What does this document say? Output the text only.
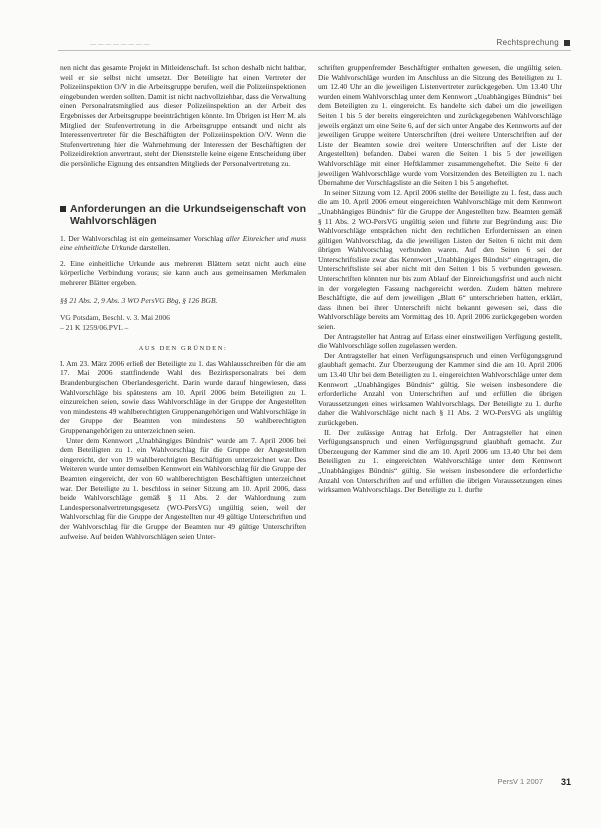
— — — — — — — —	Rechtsprechung

nen nicht das gesamte Projekt in Mitleidenschaft. Ist schon deshalb nicht haltbar, weil er sie selbst nicht umsetzt. Der Beteiligte hat einen Vertreter der Polizeiinspektion O/V in die Arbeitsgruppe berufen, weil die Polizeiinspektionen eingebunden werden sollten. Damit ist nicht nachvollziehbar, dass die Verwaltung einen Personalratsmitglied aus dieser Polizeiinspektion an der Arbeit des Ergebnisses der Arbeitsgruppe beeinträchtigen könnte. Im Übrigen ist Herr M. als Mitglied der Stufenvertretung in die Arbeitsgruppe entsandt und nicht als Interessenvertreter für die Beschäftigten der Polizeiinspektion O/V. Wenn die Stufenvertretung hier die Wahrnehmung der Interessen der Beschäftigten der Polizeidirektion anvertraut, steht der Dienststelle keine eigene Entscheidung über die persönliche Eignung des entsandten Mitglieds der Personalvertretung zu.

Anforderungen an die Urkundseigenschaft von Wahlvorschlägen

1. Der Wahlvorschlag ist ein gemeinsamer Vorschlag aller Einreicher und muss eine einheitliche Urkunde darstellen.

2. Eine einheitliche Urkunde aus mehreren Blättern setzt nicht auch eine körperliche Verbindung voraus; sie kann auch aus gemeinsamen Merkmalen mehrerer Blätter ergeben.

§§ 21 Abs. 2, 9 Abs. 3 WO PersVG Bbg, § 126 BGB.

VG Potsdam, Beschl. v. 3. Mai 2006

– 21 K 1259/06.PVL –

AUS DEN GRÜNDEN:

I. Am 23. März 2006 erließ der Beteiligte zu 1. das Wahlausschreiben für die am 17. Mai 2006 stattfindende Wahl des Bezirkspersonalrats bei dem Brandenburgischen Oberlandesgericht. Darin wurde darauf hingewiesen, dass Wahlvorschläge bis spätestens am 10. April 2006 beim Beteiligten zu 1. einzureichen seien, sowie dass Wahlvorschläge in der Gruppe der Angestellten von mindestens 49 wahlberechtigten Gruppenangehörigen und Wahlvorschläge in der Gruppe der Beamten von mindestens 50 wahlberechtigten Gruppenangehörigen zu unterzeichnen seien.

Unter dem Kennwort „Unabhängiges Bündnis“ wurde am 7. April 2006 bei dem Beteiligten zu 1. ein Wahlvorschlag für die Gruppe der Angestellten eingereicht, der von 19 wahlberechtigten Beschäftigten unterzeichnet war. Des Weiteren wurde unter demselben Kennwort ein Wahlvorschlag für die Gruppe der Beamten eingereicht, der von 60 wahlberechtigten Beschäftigten unterzeichnet war. Der Beteiligte zu 1. beschloss in seiner Sitzung am 10. April 2006, dass beide Wahlvorschläge gemäß § 11 Abs. 2 der Wahlordnung zum Landespersonalvertretungsgesetz (WO-PersVG) ungültig seien, weil der Wahlvorschlag für die Gruppe der Angestellten nur 49 gültige Unterschriften und der Wahlvorschlag für die Gruppe der Beamten nur 49 gültige Unterschriften aufweise. Auf beiden Wahlvorschlägen seien Unter-

schriften gruppenfremder Beschäftigter enthalten gewesen, die ungültig seien. Die Wahlvorschläge wurden im Anschluss an die Sitzung des Beteiligten zu 1. um 12.40 Uhr an die jeweiligen Listenvertreter zurückgegeben. Um 13.40 Uhr wurden einem Wahlvorschlag unter dem Kennwort „Unabhängiges Bündnis“ bei dem Beteiligten zu 1. eingereicht. Es handelte sich dabei um die jeweiligen Seiten 1 bis 5 der bereits eingereichten und zurückgegebenen Wahlvorschläge jeweils ergänzt um eine Seite 6, auf der sich unter Angabe des Kennworts auf der jeweiligen Gruppe weitere Unterschriften (drei weitere Unterschriften auf der Liste der Beamten sowie drei weitere Unterschriften auf der Liste der Angestellten) befanden. Dabei waren die Seiten 1 bis 5 der jeweiligen Wahlvorschläge mit einer Heftklammer zusammengeheftet. Die Seite 6 der jeweiligen Wahlvorschläge wurde vom Vorsitzenden des Beteiligten zu 1. nach Übernahme der Vorschlagsliste an die Seiten 1 bis 5 angeheftet.

In seiner Sitzung vom 12. April 2006 stellte der Beteiligte zu 1. fest, dass auch die am 10. April 2006 erneut eingereichten Wahlvorschläge mit dem Kennwort „Unabhängiges Bündnis“ für die Gruppe der Angestellten bzw. Beamten gemäß § 11 Abs. 2 WO-PersVG ungültig seien und führte zur Begründung aus: Die Wahlvorschläge entsprächen nicht den rechtlichen Erfordernissen an einen gültigen Wahlvorschlag, da die jeweiligen Listen der Seiten 6 nicht mit dem übrigen Wahlvorschlag verbunden waren. Auf den Seiten 6 sei der Unterschriftsliste zwar das Kennwort „Unabhängiges Bündnis“ eingetragen, die Unterschriftsliste sei aber nicht mit den Seiten 1 bis 5 verbunden gewesen. Unterschriften könnten nur bis zum Ablauf der Einreichungsfrist und auch nicht in der vorgelegten Fassung nachgereicht werden. Zudem hätten mehrere Beschäftigte, die auf dem jeweiligen „Blatt 6“ unterschrieben hatten, erklärt, dass ihnen bei ihrer Unterschrift nicht bekannt gewesen sei, dass die Wahlvorschläge bereits am Vormittag des 10. April 2006 zurückgegeben worden seien.

Der Antragsteller hat Antrag auf Erlass einer einstweiligen Verfügung gestellt, die Wahlvorschläge sollen zugelassen werden.

Der Antragsteller hat einen Verfügungsanspruch und einen Verfügungsgrund glaubhaft gemacht. Zur Überzeugung der Kammer sind die am 10. April 2006 um 13.40 Uhr bei dem Beteiligten zu 1. eingereichten Wahlvorschläge unter dem Kennwort „Unabhängiges Bündnis“ gültig. Sie weisen insbesondere die erforderliche Anzahl von Unterschriften auf und erfüllen die übrigen Voraussetzungen eines wirksamen Wahlvorschlags. Der Beteiligte zu 1. durfte daher die Wahlvorschläge nicht nach § 11 Abs. 2 WO-PersVG als ungültig zurückgeben.

II. Der zulässige Antrag hat Erfolg. Der Antragsteller hat einen Verfügungsanspruch und einen Verfügungsgrund glaubhaft gemacht. Zur Überzeugung der Kammer sind die am 10. April 2006 um 13.40 Uhr bei dem Beteiligten zu 1. eingereichten Wahlvorschläge unter dem Kennwort „Unabhängiges Bündnis“ gültig. Sie weisen insbesondere die erforderliche Anzahl von Unterschriften auf und erfüllen die übrigen Voraussetzungen eines wirksamen Wahlvorschlags. Der Beteiligte zu 1. durfte

PersV 1 2007 31
